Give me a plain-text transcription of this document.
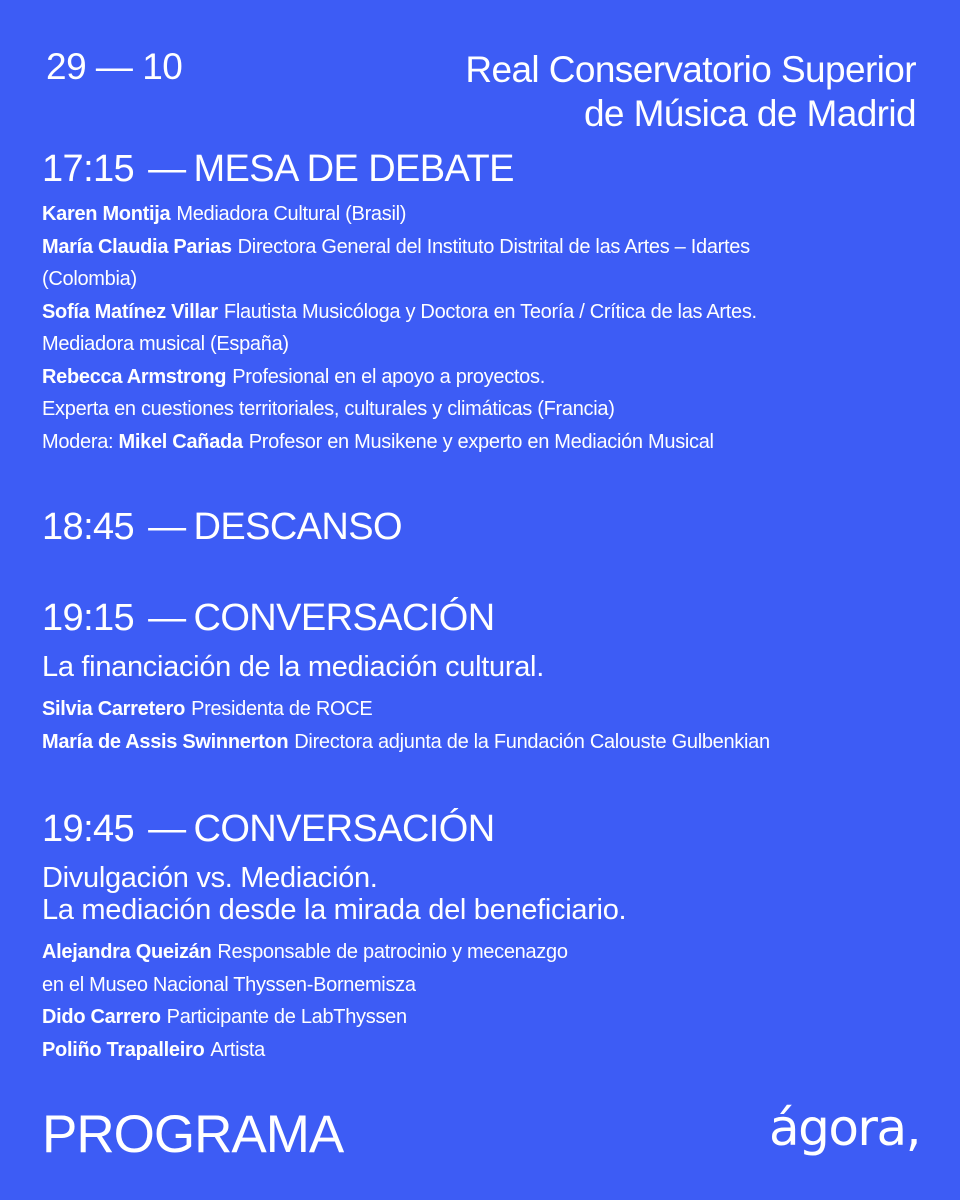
29 — 10	Real Conservatorio Superior
de Música de Madrid
17:15 — MESA DE DEBATE
Karen Montija Mediadora Cultural (Brasil)
María Claudia Parias Directora General del Instituto Distrital de las Artes – Idartes
(Colombia)
Sofía Matínez Villar Flautista Musicóloga y Doctora en Teoría / Crítica de las Artes.
Mediadora musical (España)
Rebecca Armstrong Profesional en el apoyo a proyectos.
Experta en cuestiones territoriales, culturales y climáticas (Francia)
Modera: Mikel Cañada Profesor en Musikene y experto en Mediación Musical
18:45 — DESCANSO
19:15 — CONVERSACIÓN
La financiación de la mediación cultural.
Silvia Carretero Presidenta de ROCE
María de Assis Swinnerton Directora adjunta de la Fundación Calouste Gulbenkian
19:45 — CONVERSACIÓN
Divulgación vs. Mediación.
La mediación desde la mirada del beneficiario.
Alejandra Queizán Responsable de patrocinio y mecenazgo
en el Museo Nacional Thyssen-Bornemisza
Dido Carrero Participante de LabThyssen
Poliño Trapalleiro Artista
PROGRAMA	ágora,
